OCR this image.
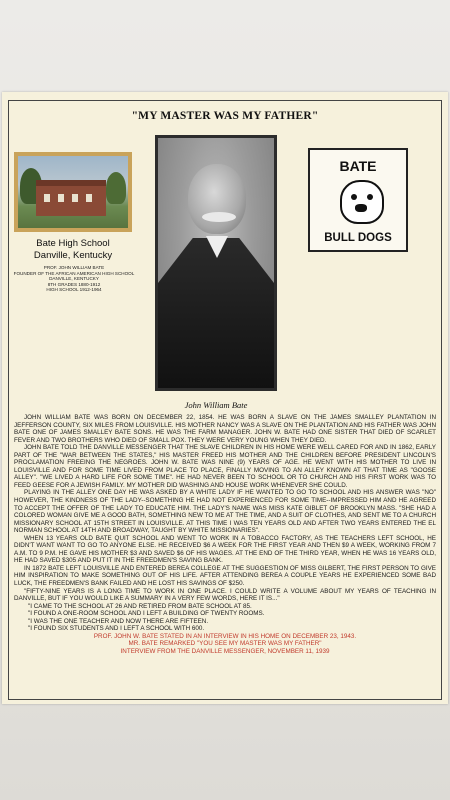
"MY MASTER WAS MY FATHER"
Bate High School
Danville, Kentucky
PROF. JOHN WILLIAM BATE
FOUNDER OF THE AFRICAN AMERICAN HIGH SCHOOL
DANVILLE, KENTUCKY
8TH GRADES 1880-1912
HIGH SCHOOL 1912-1964
John William Bate
BATE
BULL DOGS

JOHN WILLIAM BATE WAS BORN ON DECEMBER 22, 1854. HE WAS BORN A SLAVE ON THE JAMES SMALLEY PLANTATION IN JEFFERSON COUNTY, SIX MILES FROM LOUISVILLE. HIS MOTHER NANCY WAS A SLAVE ON THE PLANTATION AND HIS FATHER WAS JOHN BATE ONE OF JAMES SMALLEY BATE SONS. HE WAS THE FARM MANAGER. JOHN W. BATE HAD ONE SISTER THAT DIED OF SCARLET FEVER AND TWO BROTHERS WHO DIED OF SMALL POX. THEY WERE VERY YOUNG WHEN THEY DIED.

JOHN BATE TOLD THE DANVILLE MESSENGER THAT THE SLAVE CHILDREN IN HIS HOME WERE WELL CARED FOR AND IN 1862, EARLY PART OF THE "WAR BETWEEN THE STATES," HIS MASTER FREED HIS MOTHER AND THE CHILDREN BEFORE PRESIDENT LINCOLN'S PROCLAMATION FREEING THE NEGROES. JOHN W. BATE WAS NINE (9) YEARS OF AGE. HE WENT WITH HIS MOTHER TO LIVE IN LOUISVILLE AND FOR SOME TIME LIVED FROM PLACE TO PLACE, FINALLY MOVING TO AN ALLEY KNOWN AT THAT TIME AS "GOOSE ALLEY". "WE LIVED A HARD LIFE FOR SOME TIME". HE HAD NEVER BEEN TO SCHOOL OR TO CHURCH AND HIS FIRST WORK WAS TO FEED GEESE FOR A JEWISH FAMILY. MY MOTHER DID WASHING AND HOUSE WORK WHENEVER SHE COULD.

PLAYING IN THE ALLEY ONE DAY HE WAS ASKED BY A WHITE LADY IF HE WANTED TO GO TO SCHOOL AND HIS ANSWER WAS "NO" HOWEVER, THE KINDNESS OF THE LADY--SOMETHING HE HAD NOT EXPERIENCED FOR SOME TIME--IMPRESSED HIM AND HE AGREED TO ACCEPT THE OFFER OF THE LADY TO EDUCATE HIM. THE LADY'S NAME WAS MISS KATE GIBLET OF BROOKLYN MASS. "SHE HAD A COLORED WOMAN GIVE ME A GOOD BATH, SOMETHING NEW TO ME AT THE TIME, AND A SUIT OF CLOTHES, AND SENT ME TO A CHURCH MISSIONARY SCHOOL AT 15TH STREET IN LOUISVILLE. AT THIS TIME I WAS TEN YEARS OLD AND AFTER TWO YEARS ENTERED THE EL NORMAN SCHOOL AT 14TH AND BROADWAY, TAUGHT BY WHITE MISSIONARIES".

WHEN 13 YEARS OLD BATE QUIT SCHOOL AND WENT TO WORK IN A TOBACCO FACTORY, AS THE TEACHERS LEFT SCHOOL, HE DIDN'T WANT WANT TO GO TO ANYONE ELSE. HE RECEIVED $6 A WEEK FOR THE FIRST YEAR AND THEN $9 A WEEK, WORKING FROM 7 A.M. TO 9 P.M. HE GAVE HIS MOTHER $3 AND SAVED $6 OF HIS WAGES. AT THE END OF THE THIRD YEAR, WHEN HE WAS 16 YEARS OLD, HE HAD SAVED $305 AND PUT IT IN THE FREEDMEN'S SAVING BANK.

IN 1872 BATE LEFT LOUISVILLE AND ENTERED BEREA COLLEGE AT THE SUGGESTION OF MISS GILBERT, THE FIRST PERSON TO GIVE HIM INSPIRATION TO MAKE SOMETHING OUT OF HIS LIFE. AFTER ATTENDING BEREA A COUPLE YEARS HE EXPERIENCED SOME BAD LUCK, THE FREEDMEN'S BANK FAILED AND HE LOST HIS SAVINGS OF $250.

"FIFTY-NINE YEARS IS A LONG TIME TO WORK IN ONE PLACE. I COULD WRITE A VOLUME ABOUT MY YEARS OF TEACHING IN DANVILLE, BUT IF YOU WOULD LIKE A SUMMARY IN A VERY FEW WORDS, HERE IT IS..."

"I CAME TO THE SCHOOL AT 26 AND RETIRED FROM BATE SCHOOL AT 85.

"I FOUND A ONE-ROOM SCHOOL AND I LEFT A BUILDING OF TWENTY ROOMS.

"I WAS THE ONE TEACHER AND NOW THERE ARE FIFTEEN.

"I FOUND SIX STUDENTS AND I LEFT A SCHOOL WITH 600.

PROF. JOHN W. BATE STATED IN AN INTERVIEW IN HIS HOME ON DECEMBER 23, 1943.

MR. BATE REMARKED "YOU SEE MY MASTER WAS MY FATHER"

INTERVIEW FROM THE DANVILLE MESSENGER, NOVEMBER 11, 1939
